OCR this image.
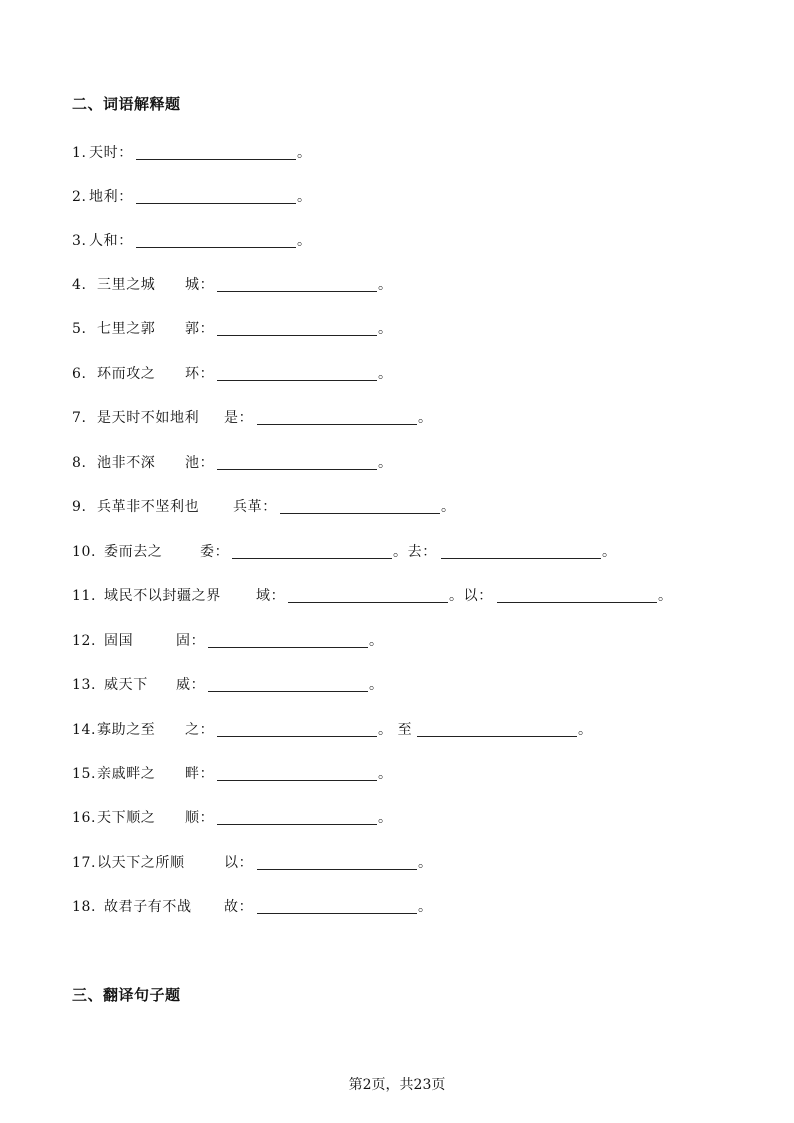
二、词语解释题
1. 天时：	。
2. 地利：	。
3. 人和：	。
4. 三里之城 城：	。
5. 七里之郭 郭：	。
6. 环而攻之 环：	。
7. 是天时不如地利 是：	。
8. 池非不深 池：	。
9. 兵革非不坚利也 兵革：	。
10. 委而去之	委：	。去：	。
11. 域民不以封疆之界	域：	。以：	。
12. 固国	固：	。
13. 威天下 威：	。
14. 寡助之至 之：	。 至	。
15. 亲戚畔之 畔：	。
16. 天下顺之 顺：	。
17. 以天下之所顺	以：	。
18. 故君子有不战 故：	。
三、翻译句子题
第2页，共23页
